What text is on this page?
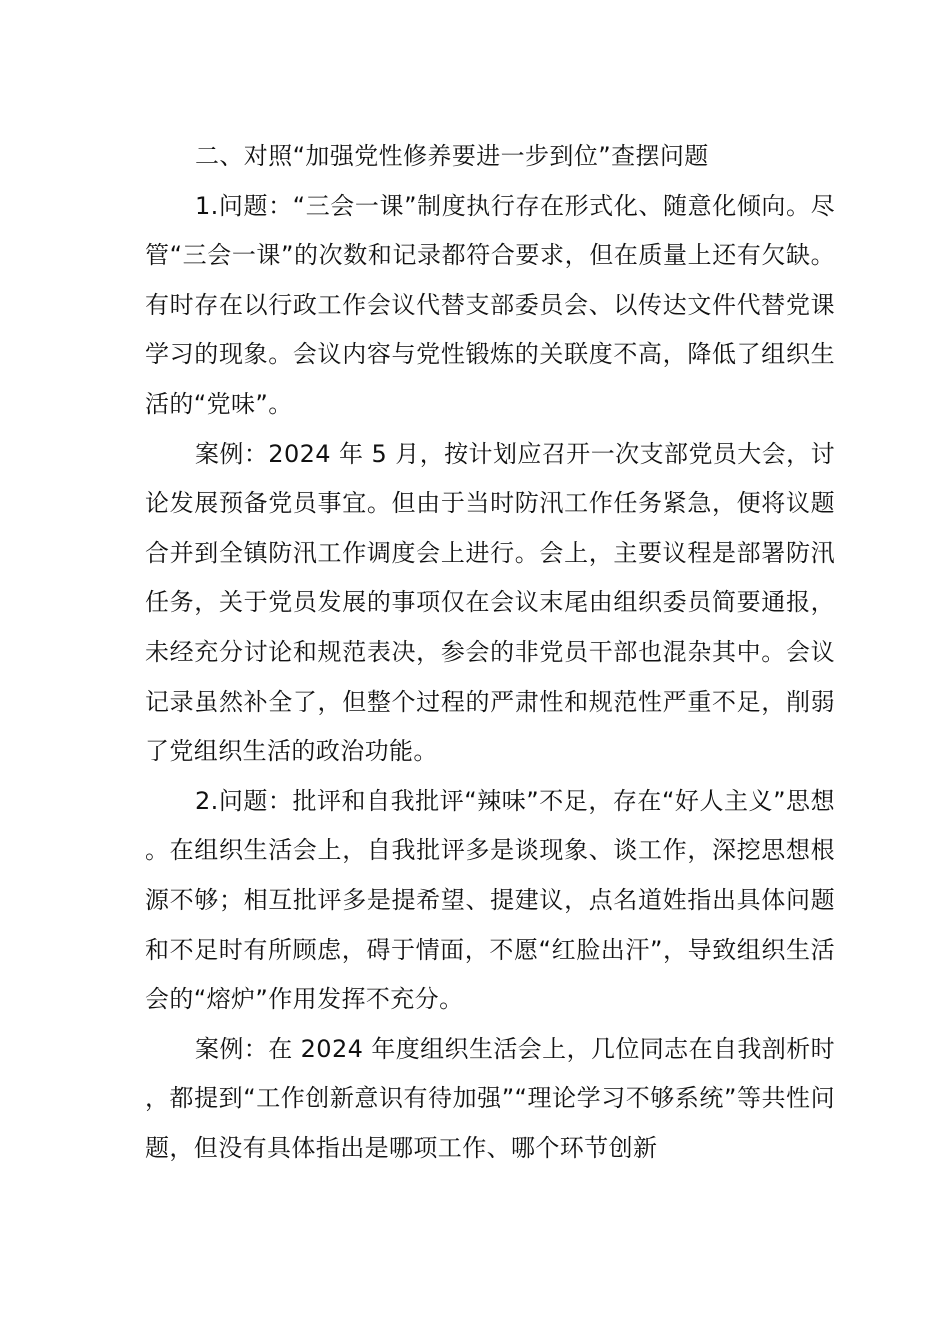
二、对照“加强党性修养要进一步到位”查摆问题

1.问题：“三会一课”制度执行存在形式化、随意化倾向。尽管“三会一课”的次数和记录都符合要求，但在质量上还有欠缺。有时存在以行政工作会议代替支部委员会、以传达文件代替党课学习的现象。会议内容与党性锻炼的关联度不高，降低了组织生活的“党味”。

案例：2024 年 5 月，按计划应召开一次支部党员大会，讨论发展预备党员事宜。但由于当时防汛工作任务紧急，便将议题合并到全镇防汛工作调度会上进行。会上，主要议程是部署防汛任务，关于党员发展的事项仅在会议末尾由组织委员简要通报，未经充分讨论和规范表决，参会的非党员干部也混杂其中。会议记录虽然补全了，但整个过程的严肃性和规范性严重不足，削弱了党组织生活的政治功能。

2.问题：批评和自我批评“辣味”不足，存在“好人主义”思想。在组织生活会上，自我批评多是谈现象、谈工作，深挖思想根源不够；相互批评多是提希望、提建议，点名道姓指出具体问题和不足时有所顾虑，碍于情面，不愿“红脸出汗”，导致组织生活会的“熔炉”作用发挥不充分。

案例：在 2024 年度组织生活会上，几位同志在自我剖析时，都提到“工作创新意识有待加强”“理论学习不够系统”等共性问题，但没有具体指出是哪项工作、哪个环节创新
